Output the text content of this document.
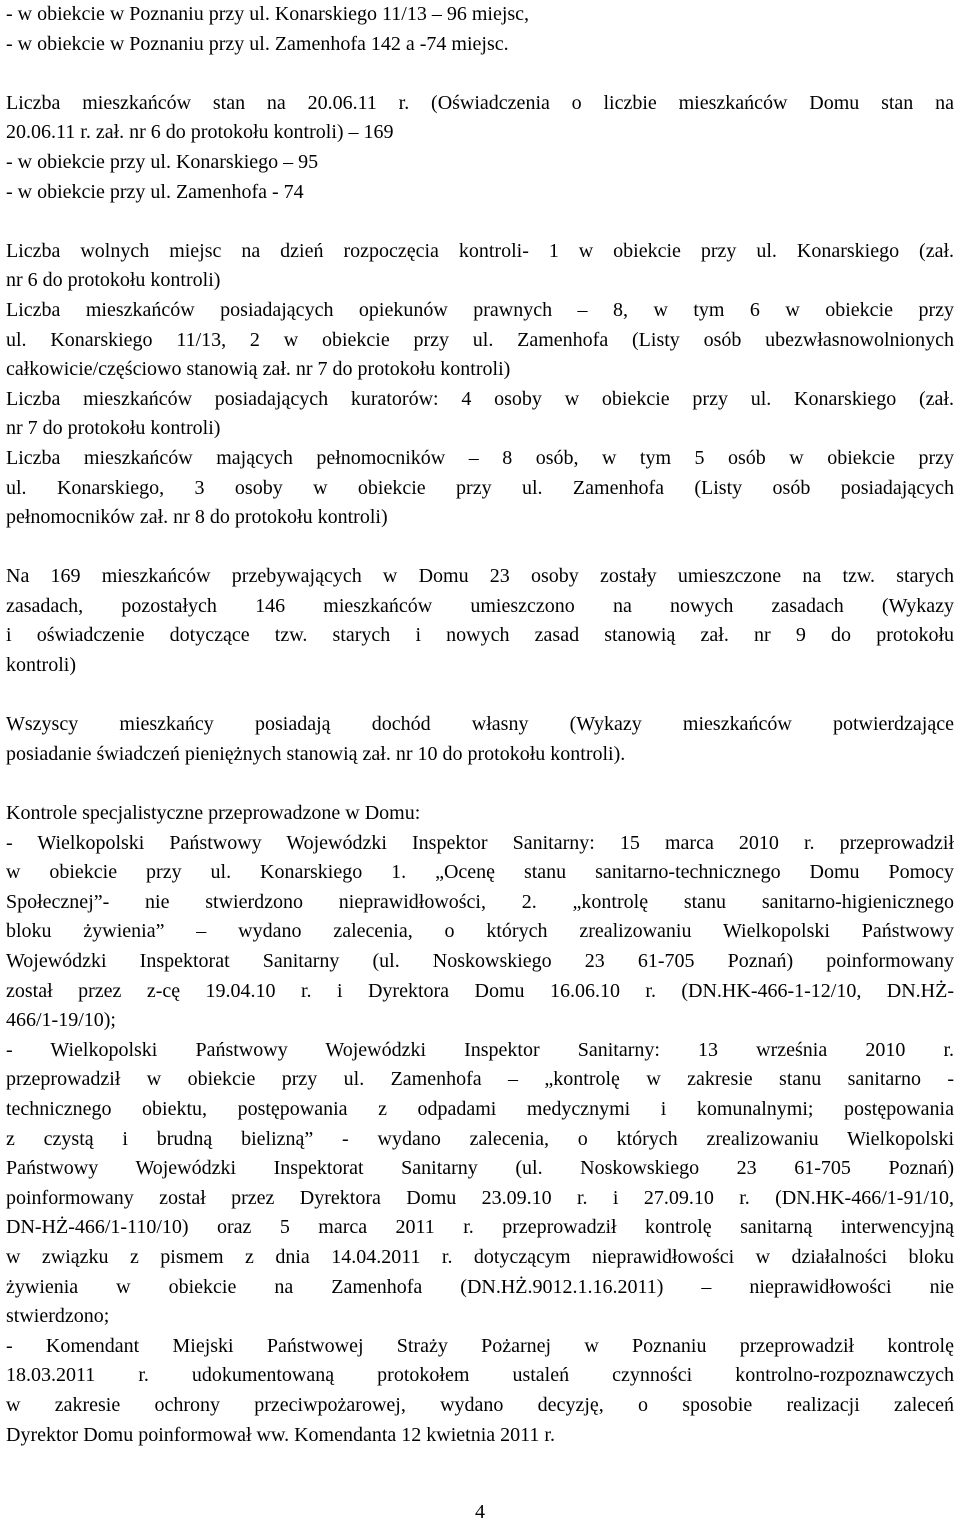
- w obiekcie w Poznaniu przy ul. Konarskiego 11/13 – 96 miejsc,
- w obiekcie w Poznaniu przy ul. Zamenhofa 142 a -74 miejsc.
Liczba mieszkańców stan na 20.06.11 r. (Oświadczenia o liczbie mieszkańców Domu stan na
20.06.11 r. zał. nr 6 do protokołu kontroli) – 169
- w obiekcie przy ul. Konarskiego – 95
- w obiekcie przy ul. Zamenhofa - 74
Liczba wolnych miejsc na dzień rozpoczęcia kontroli- 1 w obiekcie przy ul. Konarskiego (zał.
nr 6 do protokołu kontroli)
Liczba mieszkańców posiadających opiekunów prawnych – 8, w tym 6 w obiekcie przy
ul. Konarskiego 11/13, 2 w obiekcie przy ul. Zamenhofa (Listy osób ubezwłasnowolnionych
całkowicie/częściowo stanowią zał. nr 7 do protokołu kontroli)
Liczba mieszkańców posiadających kuratorów: 4 osoby w obiekcie przy ul. Konarskiego (zał.
nr 7 do protokołu kontroli)
Liczba mieszkańców mających pełnomocników – 8 osób, w tym 5 osób w obiekcie przy
ul. Konarskiego, 3 osoby w obiekcie przy ul. Zamenhofa (Listy osób posiadających
pełnomocników zał. nr 8 do protokołu kontroli)
Na 169 mieszkańców przebywających w Domu 23 osoby zostały umieszczone na tzw. starych
zasadach, pozostałych 146 mieszkańców umieszczono na nowych zasadach (Wykazy
i oświadczenie dotyczące tzw. starych i nowych zasad stanowią zał. nr 9 do protokołu
kontroli)
Wszyscy mieszkańcy posiadają dochód własny (Wykazy mieszkańców potwierdzające
posiadanie świadczeń pieniężnych stanowią zał. nr 10 do protokołu kontroli).
Kontrole specjalistyczne przeprowadzone w Domu:
- Wielkopolski Państwowy Wojewódzki Inspektor Sanitarny: 15 marca 2010 r. przeprowadził
w obiekcie przy ul. Konarskiego 1. „Ocenę stanu sanitarno-technicznego Domu Pomocy
Społecznej”- nie stwierdzono nieprawidłowości, 2. „kontrolę stanu sanitarno-higienicznego
bloku żywienia” – wydano zalecenia, o których zrealizowaniu Wielkopolski Państwowy
Wojewódzki Inspektorat Sanitarny (ul. Noskowskiego 23 61-705 Poznań) poinformowany
został przez z-cę 19.04.10 r. i Dyrektora Domu 16.06.10 r. (DN.HK-466-1-12/10, DN.HŻ-
466/1-19/10);
- Wielkopolski Państwowy Wojewódzki Inspektor Sanitarny: 13 września 2010 r.
przeprowadził w obiekcie przy ul. Zamenhofa – „kontrolę w zakresie stanu sanitarno -
technicznego obiektu, postępowania z odpadami medycznymi i komunalnymi; postępowania
z czystą i brudną bielizną” - wydano zalecenia, o których zrealizowaniu Wielkopolski
Państwowy Wojewódzki Inspektorat Sanitarny (ul. Noskowskiego 23 61-705 Poznań)
poinformowany został przez Dyrektora Domu 23.09.10 r. i 27.09.10 r. (DN.HK-466/1-91/10,
DN-HŻ-466/1-110/10) oraz 5 marca 2011 r. przeprowadził kontrolę sanitarną interwencyjną
w związku z pismem z dnia 14.04.2011 r. dotyczącym nieprawidłowości w działalności bloku
żywienia w obiekcie na Zamenhofa (DN.HŻ.9012.1.16.2011) – nieprawidłowości nie
stwierdzono;
- Komendant Miejski Państwowej Straży Pożarnej w Poznaniu przeprowadził kontrolę
18.03.2011 r. udokumentowaną protokołem ustaleń czynności kontrolno-rozpoznawczych
w zakresie ochrony przeciwpożarowej, wydano decyzję, o sposobie realizacji zaleceń
Dyrektor Domu poinformował ww. Komendanta 12 kwietnia 2011 r.
4
